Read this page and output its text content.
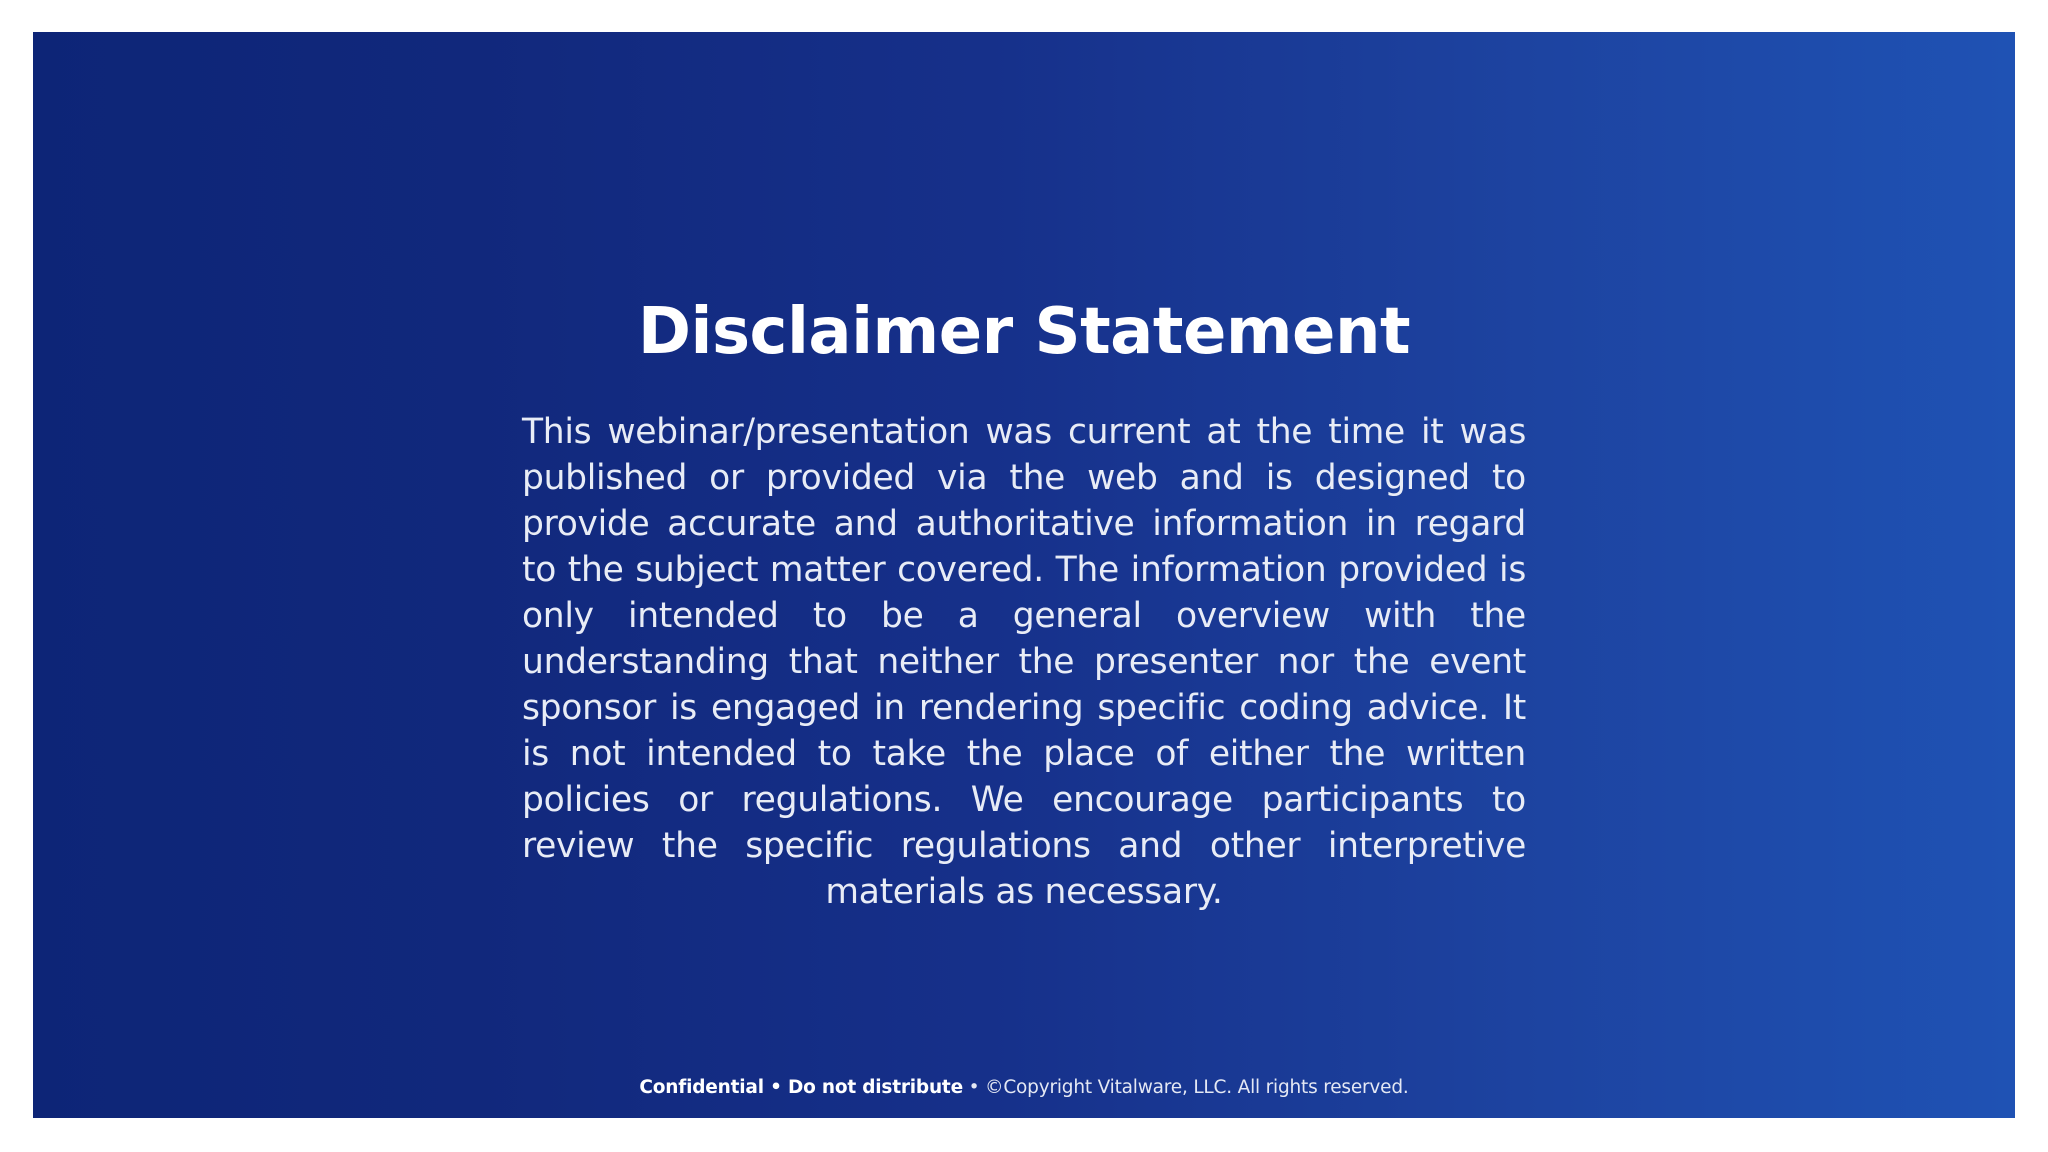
Disclaimer Statement

This webinar/presentation was current at the time it was published or provided via the web and is designed to provide accurate and authoritative information in regard to the subject matter covered. The information provided is only intended to be a general overview with the understanding that neither the presenter nor the event sponsor is engaged in rendering specific coding advice. It is not intended to take the place of either the written policies or regulations. We encourage participants to review the specific regulations and other interpretive materials as necessary.

Confidential • Do not distribute • ©Copyright Vitalware, LLC. All rights reserved.
